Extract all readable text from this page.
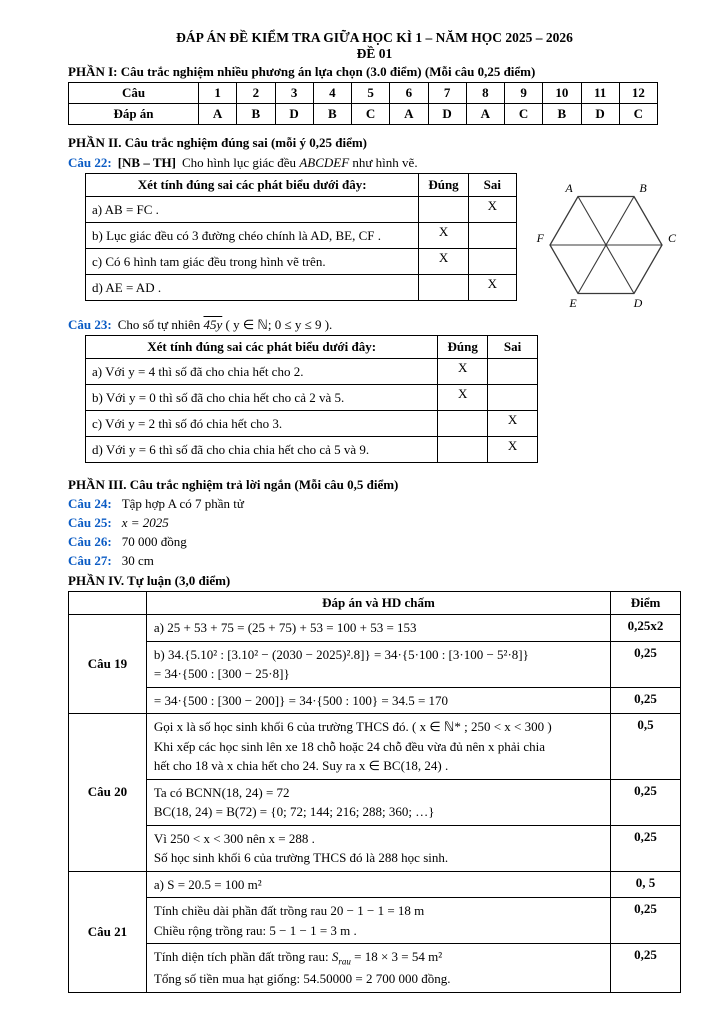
ĐÁP ÁN ĐỀ KIỂM TRA GIỮA HỌC KÌ 1 – NĂM HỌC 2025 – 2026
ĐỀ 01
PHẦN I: Câu trắc nghiệm nhiều phương án lựa chọn (3.0 điểm) (Mỗi câu 0,25 điểm)
Câu	1	2	3	4	5	6	7	8	9	10	11	12
Đáp án	A	B	D	B	C	A	D	A	C	B	D	C
PHẦN II. Câu trắc nghiệm đúng sai (mỗi ý 0,25 điểm)
Câu 22: [NB – TH] Cho hình lục giác đều ABCDEF như hình vẽ.
Xét tính đúng sai các phát biểu dưới đây:	Đúng	Sai
a) AB = FC .		X
b) Lục giác đều có 3 đường chéo chính là AD, BE, CF .	X	
c) Có 6 hình tam giác đều trong hình vẽ trên.	X	
d) AE = AD .		X
A	B
C
D
E
F
Câu 23: Cho số tự nhiên 45y ( y ∈ ℕ; 0 ≤ y ≤ 9 ).
Xét tính đúng sai các phát biểu dưới đây:	Đúng	Sai
a) Với y = 4 thì số đã cho chia hết cho 2.	X	
b) Với y = 0 thì số đã cho chia hết cho cả 2 và 5.	X	
c) Với y = 2 thì số đó chia hết cho 3.		X
d) Với y = 6 thì số đã cho chia chia hết cho cả 5 và 9.		X
PHẦN III. Câu trắc nghiệm trả lời ngắn (Mỗi câu 0,5 điểm)
Câu 24: Tập hợp A có 7 phần tử
Câu 25: x = 2025
Câu 26: 70 000 đồng
Câu 27: 30 cm
PHẦN IV. Tự luận (3,0 điểm)
	Đáp án và HD chấm	Điểm
Câu 19	a) 25 + 53 + 75 = (25 + 75) + 53 = 100 + 53 = 153	0,25x2
	b) 34.{5.10² : [3.10² − (2030 − 2025)².8]} = 34·{5·100 : [3·100 − 5²·8]}
= 34·{500 : [300 − 25·8]}	0,25
	= 34·{500 : [300 − 200]} = 34·{500 : 100} = 34.5 = 170	0,25
Câu 20	Gọi x là số học sinh khối 6 của trường THCS đó. ( x ∈ ℕ* ; 250 < x < 300 )
Khi xếp các học sinh lên xe 18 chỗ hoặc 24 chỗ đều vừa đủ nên x phải chia
hết cho 18 và x chia hết cho 24. Suy ra x ∈ BC(18, 24) .	0,5
	Ta có BCNN(18, 24) = 72
BC(18, 24) = B(72) = {0; 72; 144; 216; 288; 360; …}	0,25
	Vì 250 < x < 300 nên x = 288 .
Số học sinh khối 6 của trường THCS đó là 288 học sinh.	0,25
Câu 21	a) S = 20.5 = 100 m²	0, 5
	Tính chiều dài phần đất trồng rau 20 − 1 − 1 = 18 m
Chiều rộng trồng rau: 5 − 1 − 1 = 3 m .	0,25

	Tính diện tích phần đất trồng rau: $S_{rau} = 18 \times 3 = 54$ m²
Tổng số tiền mua hạt giống: 54.50000 = 2 700 000 đồng.	0,25
